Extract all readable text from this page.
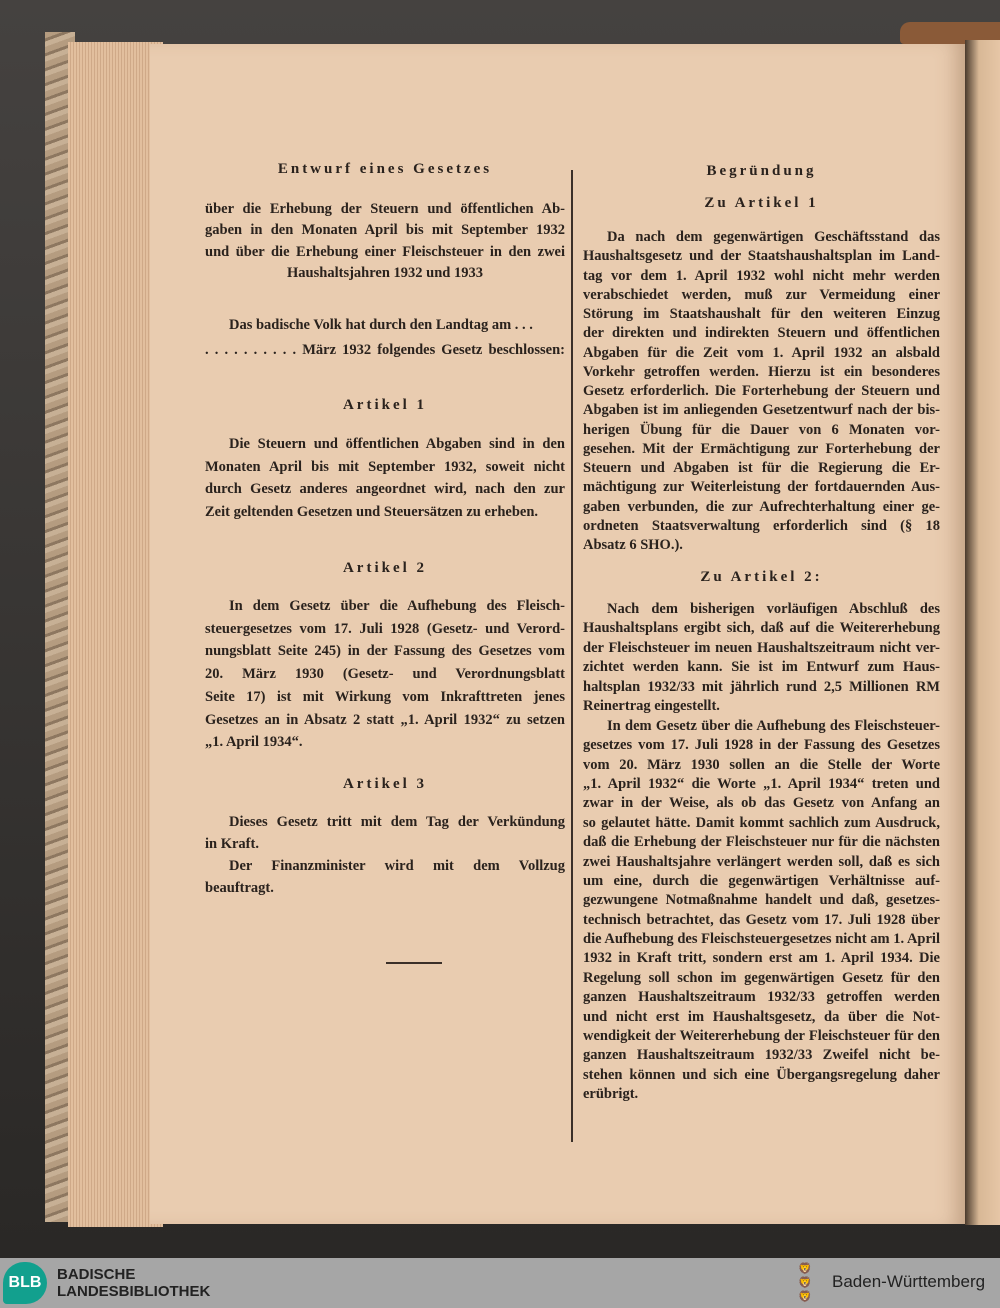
Entwurf eines Gesetzes
über die Erhebung der Steuern und öffentlichen Ab-
gaben in den Monaten April bis mit September 1932
und über die Erhebung einer Fleischsteuer in den zwei
Haushaltsjahren 1932 und 1933
Das badische Volk hat durch den Landtag am . . .
. . . . . . . . . . März 1932 folgendes Gesetz beschlossen:
Artikel 1
Die Steuern und öffentlichen Abgaben sind in den
Monaten April bis mit September 1932, soweit nicht
durch Gesetz anderes angeordnet wird, nach den zur
Zeit geltenden Gesetzen und Steuersätzen zu erheben.
Artikel 2
In dem Gesetz über die Aufhebung des Fleisch-
steuergesetzes vom 17. Juli 1928 (Gesetz- und Verord-
nungsblatt Seite 245) in der Fassung des Gesetzes vom
20. März 1930 (Gesetz- und Verordnungsblatt
Seite 17) ist mit Wirkung vom Inkrafttreten jenes
Gesetzes an in Absatz 2 statt „1. April 1932“ zu setzen
„1. April 1934“.
Artikel 3
Dieses Gesetz tritt mit dem Tag der Verkündung
in Kraft.
Der Finanzminister wird mit dem Vollzug
beauftragt.
Begründung
Zu Artikel 1
Da nach dem gegenwärtigen Geschäftsstand das
Haushaltsgesetz und der Staatshaushaltsplan im Land-
tag vor dem 1. April 1932 wohl nicht mehr werden
verabschiedet werden, muß zur Vermeidung einer
Störung im Staatshaushalt für den weiteren Einzug
der direkten und indirekten Steuern und öffentlichen
Abgaben für die Zeit vom 1. April 1932 an alsbald
Vorkehr getroffen werden. Hierzu ist ein besonderes
Gesetz erforderlich. Die Forterhebung der Steuern und
Abgaben ist im anliegenden Gesetzentwurf nach der bis-
herigen Übung für die Dauer von 6 Monaten vor-
gesehen. Mit der Ermächtigung zur Forterhebung der
Steuern und Abgaben ist für die Regierung die Er-
mächtigung zur Weiterleistung der fortdauernden Aus-
gaben verbunden, die zur Aufrechterhaltung einer ge-
ordneten Staatsverwaltung erforderlich sind (§ 18
Absatz 6 SHO.).
Zu Artikel 2:
Nach dem bisherigen vorläufigen Abschluß des
Haushaltsplans ergibt sich, daß auf die Weitererhebung
der Fleischsteuer im neuen Haushaltszeitraum nicht ver-
zichtet werden kann. Sie ist im Entwurf zum Haus-
haltsplan 1932/33 mit jährlich rund 2,5 Millionen RM
Reinertrag eingestellt.
In dem Gesetz über die Aufhebung des Fleischsteuer-
gesetzes vom 17. Juli 1928 in der Fassung des Gesetzes
vom 20. März 1930 sollen an die Stelle der Worte
„1. April 1932“ die Worte „1. April 1934“ treten und
zwar in der Weise, als ob das Gesetz von Anfang an
so gelautet hätte. Damit kommt sachlich zum Ausdruck,
daß die Erhebung der Fleischsteuer nur für die nächsten
zwei Haushaltsjahre verlängert werden soll, daß es sich
um eine, durch die gegenwärtigen Verhältnisse auf-
gezwungene Notmaßnahme handelt und daß, gesetzes-
technisch betrachtet, das Gesetz vom 17. Juli 1928 über
die Aufhebung des Fleischsteuergesetzes nicht am 1. April
1932 in Kraft tritt, sondern erst am 1. April 1934. Die
Regelung soll schon im gegenwärtigen Gesetz für den
ganzen Haushaltszeitraum 1932/33 getroffen werden
und nicht erst im Haushaltsgesetz, da über die Not-
wendigkeit der Weitererhebung der Fleischsteuer für den
ganzen Haushaltszeitraum 1932/33 Zweifel nicht be-
stehen können und sich eine Übergangsregelung daher
erübrigt.
BLB	BADISCHE
LANDESBIBLIOTHEK
🦁
🦁
🦁
Baden-Württemberg
